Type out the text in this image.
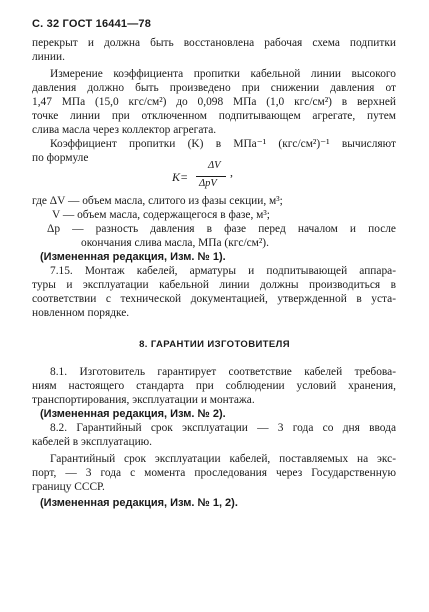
С. 32 ГОСТ 16441—78
перекрыт и должна быть восстановлена рабочая схема подпитки
линии.
Измерение коэффициента пропитки кабельной линии высокого
давления должно быть произведено при снижении давления от
1,47 МПа (15,0 кгс/см²) до 0,098 МПа (1,0 кгс/см²) в верхней
точке линии при отключенном подпитывающем агрегате, путем
слива масла через коллектор агрегата.
Коэффициент пропитки (K) в МПа⁻¹ (кгс/см²)⁻¹ вычисляют
по формуле
K=
ΔV
ΔpV
,
где ΔV — объем масла, слитого из фазы секции, м³;
V — объем масла, содержащегося в фазе, м³;
Δp — разность давления в фазе перед началом и после
окончания слива масла, МПа (кгс/см²).
(Измененная редакция, Изм. № 1).
7.15. Монтаж кабелей, арматуры и подпитывающей аппара-
туры и эксплуатации кабельной линии должны производиться в
соответствии с технической документацией, утвержденной в уста-
новленном порядке.
8. ГАРАНТИИ ИЗГОТОВИТЕЛЯ
8.1. Изготовитель гарантирует соответствие кабелей требова-
ниям настоящего стандарта при соблюдении условий хранения,
транспортирования, эксплуатации и монтажа.
(Измененная редакция, Изм. № 2).
8.2. Гарантийный срок эксплуатации — 3 года со дня ввода
кабелей в эксплуатацию.
Гарантийный срок эксплуатации кабелей, поставляемых на экс-
порт, — 3 года с момента проследования через Государственную
границу СССР.
(Измененная редакция, Изм. № 1, 2).
